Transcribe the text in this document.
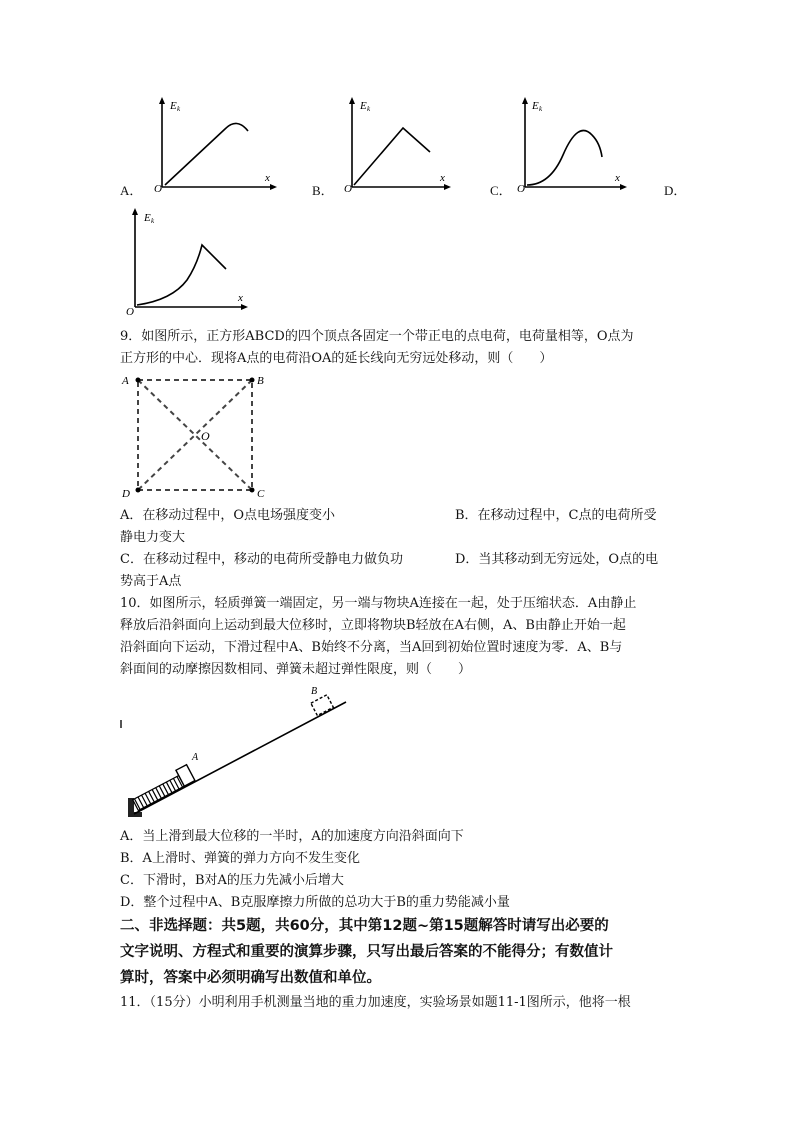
E k
x
O
A．
E k
x
O
B．
E k
x
O
C．	D．
E k
x
O
9．如图所示，正方形ABCD的四个顶点各固定一个带正电的点电荷，电荷量相等，O点为
正方形的中心．现将A点的电荷沿OA的延长线向无穷远处移动，则（　　）
A	B
C
D
O
A．在移动过程中，O点电场强度变小	B．在移动过程中，C点的电荷所受
静电力变大
C．在移动过程中，移动的电荷所受静电力做负功	D．当其移动到无穷远处，O点的电
势高于A点
10．如图所示，轻质弹簧一端固定，另一端与物块A连接在一起，处于压缩状态．A由静止
释放后沿斜面向上运动到最大位移时，立即将物块B轻放在A右侧，A、B由静止开始一起
沿斜面向下运动，下滑过程中A、B始终不分离，当A回到初始位置时速度为零．A、B与
斜面间的动摩擦因数相同、弹簧未超过弹性限度，则（　　）
A
B
A．当上滑到最大位移的一半时，A的加速度方向沿斜面向下
B．A上滑时、弹簧的弹力方向不发生变化
C．下滑时，B对A的压力先减小后增大
D．整个过程中A、B克服摩擦力所做的总功大于B的重力势能减小量
二、非选择题：共5题，共60分，其中第12题~第15题解答时请写出必要的
文字说明、方程式和重要的演算步骤，只写出最后答案的不能得分；有数值计
算时，答案中必须明确写出数值和单位。
11．（15分）小明利用手机测量当地的重力加速度，实验场景如题11-1图所示，他将一根
